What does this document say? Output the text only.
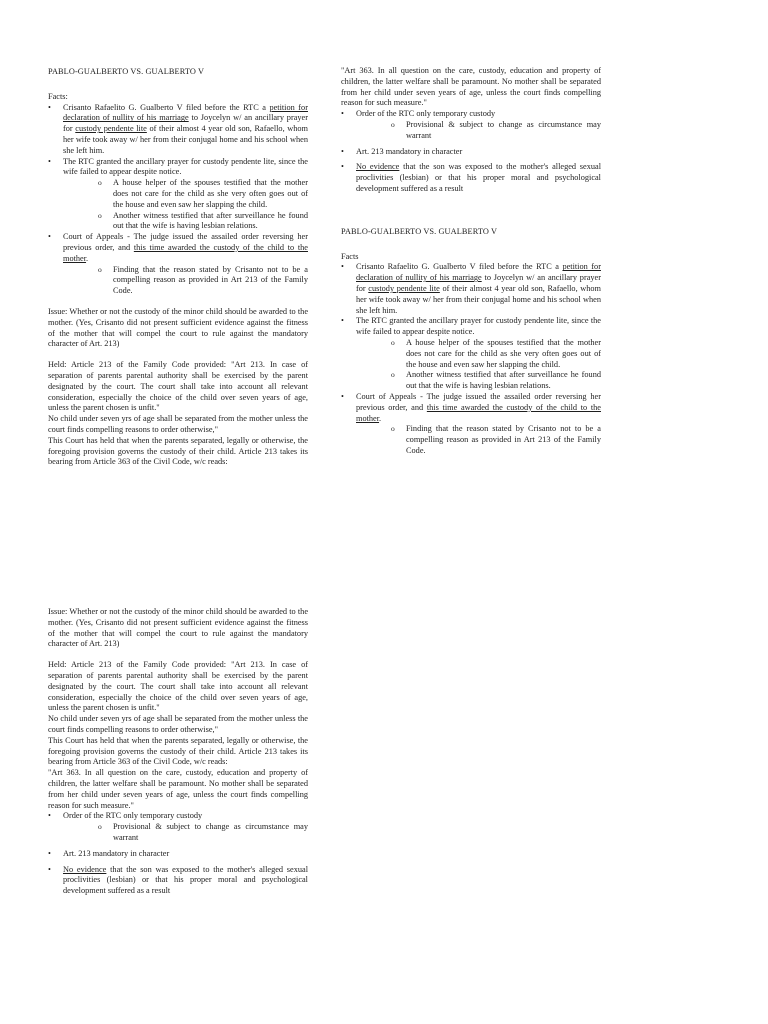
PABLO-GUALBERTO VS. GUALBERTO V

Facts:

• Crisanto Rafaelito G. Gualberto V filed before the RTC a petition for declaration of nullity of his marriage to Joycelyn w/ an ancillary prayer for custody pendente lite of their almost 4 year old son, Rafaello, whom her wife took away w/ her from their conjugal home and his school when she left him.
• The RTC granted the ancillary prayer for custody pendente lite, since the wife failed to appear despite notice.
o A house helper of the spouses testified that the mother does not care for the child as she very often goes out of the house and even saw her slapping the child.
o Another witness testified that after surveillance he found out that the wife is having lesbian relations.
• Court of Appeals - The judge issued the assailed order reversing her previous order, and this time awarded the custody of the child to the mother.
o Finding that the reason stated by Crisanto not to be a compelling reason as provided in Art 213 of the Family Code.

Issue: Whether or not the custody of the minor child should be awarded to the mother. (Yes, Crisanto did not present sufficient evidence against the fitness of the mother that will compel the court to rule against the mandatory character of Art. 213)

Held: Article 213 of the Family Code provided: "Art 213. In case of separation of parents parental authority shall be exercised by the parent designated by the court. The court shall take into account all relevant consideration, especially the choice of the child over seven years of age, unless the parent chosen is unfit."

No child under seven yrs of age shall be separated from the mother unless the court finds compelling reasons to order otherwise,"

This Court has held that when the parents separated, legally or otherwise, the foregoing provision governs the custody of their child. Article 213 takes its bearing from Article 363 of the Civil Code, w/c reads:

"Art 363. In all question on the care, custody, education and property of children, the latter welfare shall be paramount. No mother shall be separated from her child under seven years of age, unless the court finds compelling reason for such measure."

• Order of the RTC only temporary custody
o Provisional & subject to change as circumstance may warrant
• Art. 213 mandatory in character
• No evidence that the son was exposed to the mother's alleged sexual proclivities (lesbian) or that his proper moral and psychological development suffered as a result
PABLO-GUALBERTO VS. GUALBERTO V

Facts

• Crisanto Rafaelito G. Gualberto V filed before the RTC a petition for declaration of nullity of his marriage to Joycelyn w/ an ancillary prayer for custody pendente lite of their almost 4 year old son, Rafaello, whom her wife took away w/ her from their conjugal home and his school when she left him.
• The RTC granted the ancillary prayer for custody pendente lite, since the wife failed to appear despite notice.
o A house helper of the spouses testified that the mother does not care for the child as she very often goes out of the house and even saw her slapping the child.
o Another witness testified that after surveillance he found out that the wife is having lesbian relations.
• Court of Appeals - The judge issued the assailed order reversing her previous order, and this time awarded the custody of the child to the mother.
o Finding that the reason stated by Crisanto not to be a compelling reason as provided in Art 213 of the Family Code.

Issue: Whether or not the custody of the minor child should be awarded to the mother. (Yes, Crisanto did not present sufficient evidence against the fitness of the mother that will compel the court to rule against the mandatory character of Art. 213)

Held: Article 213 of the Family Code provided: "Art 213. In case of separation of parents parental authority shall be exercised by the parent designated by the court. The court shall take into account all relevant consideration, especially the choice of the child over seven years of age, unless the parent chosen is unfit."

No child under seven yrs of age shall be separated from the mother unless the court finds compelling reasons to order otherwise,"

This Court has held that when the parents separated, legally or otherwise, the foregoing provision governs the custody of their child. Article 213 takes its bearing from Article 363 of the Civil Code, w/c reads:

"Art 363. In all question on the care, custody, education and property of children, the latter welfare shall be paramount. No mother shall be separated from her child under seven years of age, unless the court finds compelling reason for such measure."

• Order of the RTC only temporary custody
o Provisional & subject to change as circumstance may warrant
• Art. 213 mandatory in character
• No evidence that the son was exposed to the mother's alleged sexual proclivities (lesbian) or that his proper moral and psychological development suffered as a result
